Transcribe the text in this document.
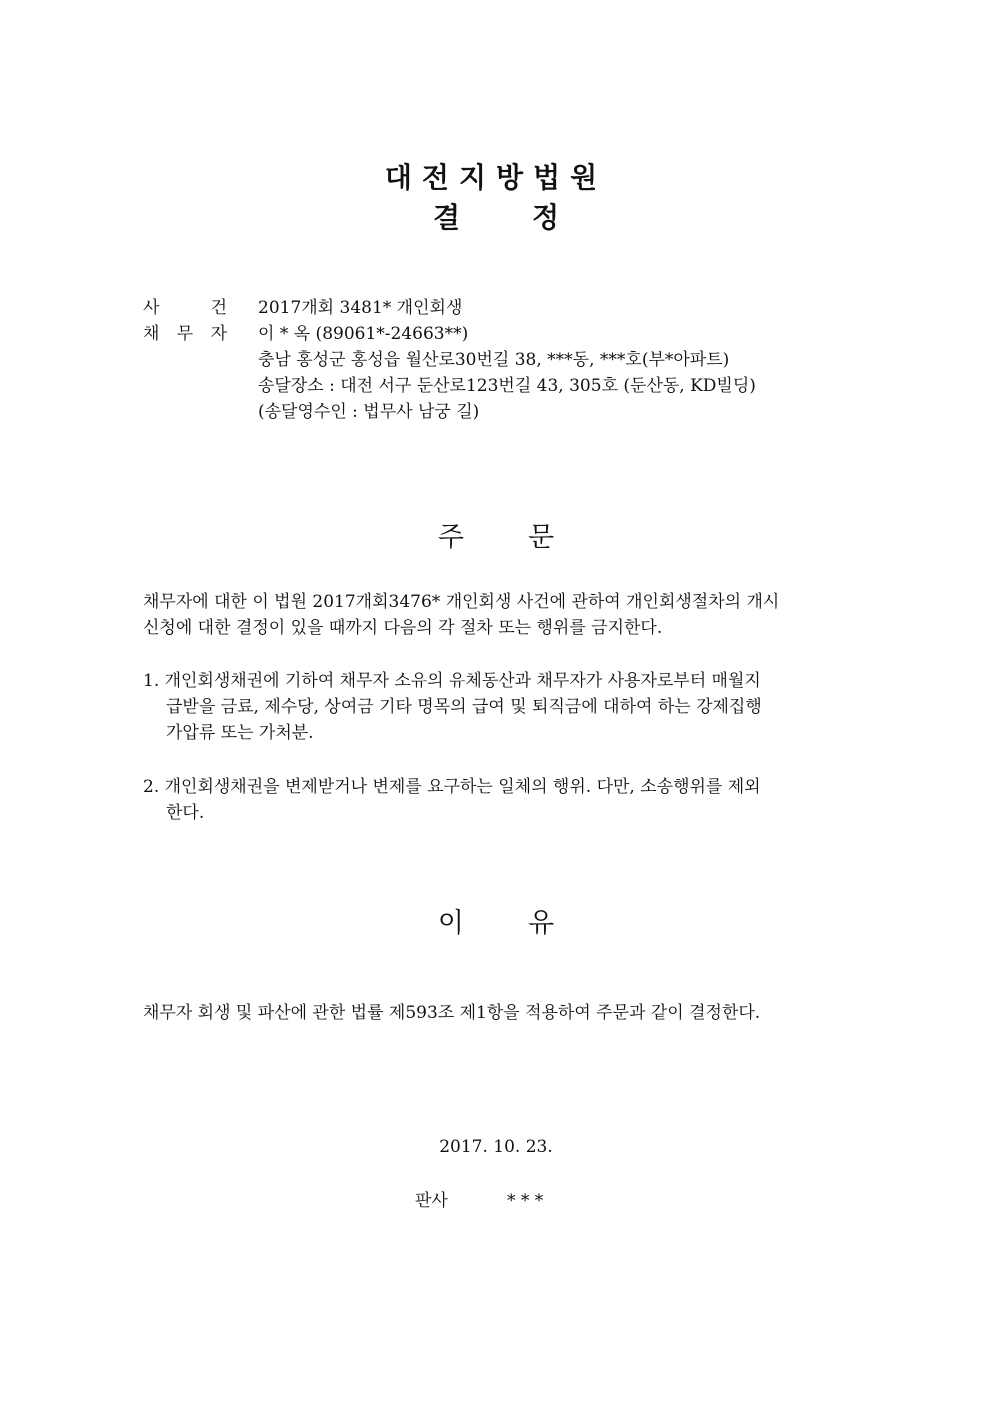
대전지방법원
결	정
사	건 2017개회 3481* 개인회생
채 무 자 이 * 옥 (89061*-24663**)
충남 홍성군 홍성읍 월산로30번길 38, ***동, ***호(부*아파트)
송달장소 : 대전 서구 둔산로123번길 43, 305호 (둔산동, KD빌딩)
(송달영수인 : 법무사 남궁 길)
주 문

채무자에 대한 이 법원 2017개회3476* 개인회생 사건에 관하여 개인회생절차의 개시

신청에 대한 결정이 있을 때까지 다음의 각 절차 또는 행위를 금지한다.

1. 개인회생채권에 기하여 채무자 소유의 유체동산과 채무자가 사용자로부터 매월지

급받을 금료, 제수당, 상여금 기타 명목의 급여 및 퇴직금에 대하여 하는 강제집행

가압류 또는 가처분.

2. 개인회생채권을 변제받거나 변제를 요구하는 일체의 행위. 다만, 소송행위를 제외

한다.

이 유

채무자 회생 및 파산에 관한 법률 제593조 제1항을 적용하여 주문과 같이 결정한다.

2017. 10. 23.
판사	* * *
